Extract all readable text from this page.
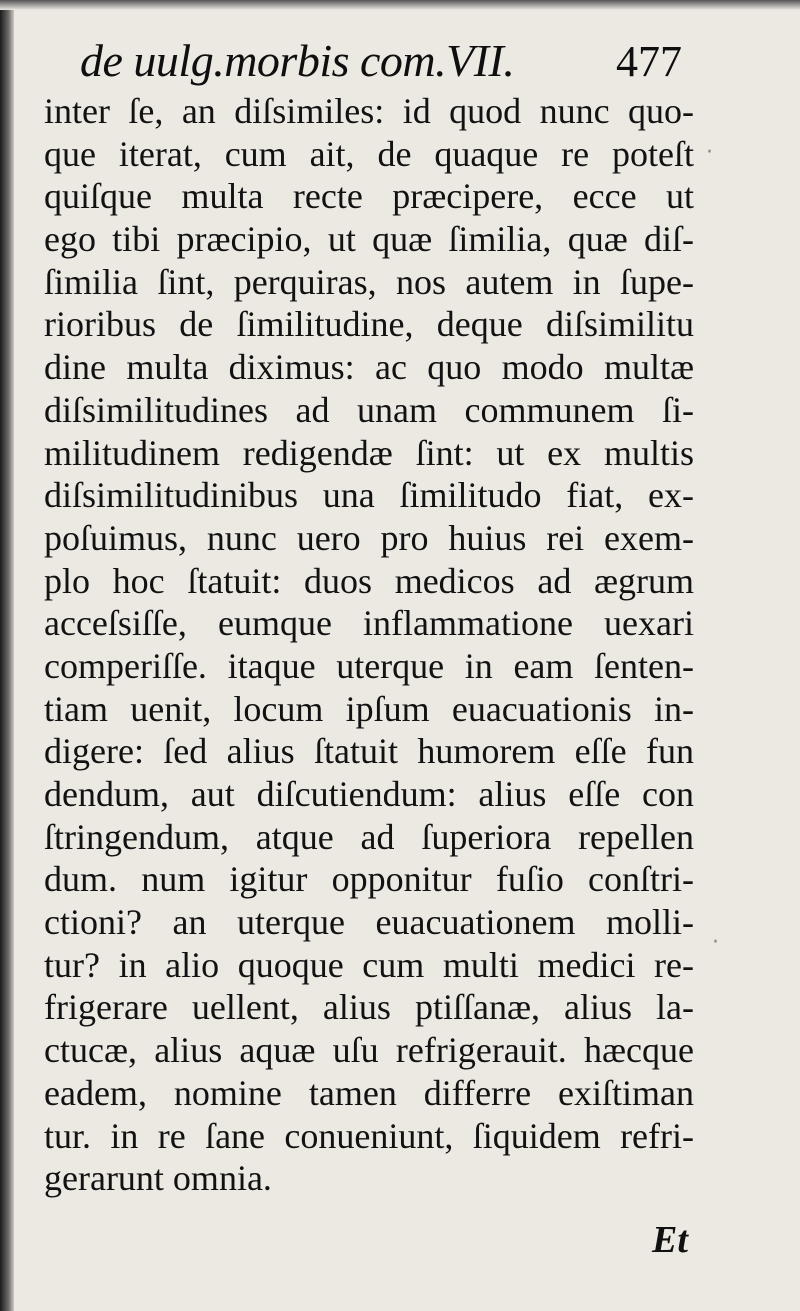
de uulg.morbis com.VII. 477
inter ſe, an diſsimiles: id quod nunc quo-
que iterat, cum ait, de quaque re poteſt
quiſque multa recte præcipere, ecce ut
ego tibi præcipio, ut quæ ſimilia, quæ diſ-
ſimilia ſint, perquiras, nos autem in ſupe-
rioribus de ſimilitudine, deque diſsimilitu
dine multa diximus: ac quo modo multæ
diſsimilitudines ad unam communem ſi-
militudinem redigendæ ſint: ut ex multis
diſsimilitudinibus una ſimilitudo fiat, ex-
poſuimus, nunc uero pro huius rei exem-
plo hoc ſtatuit: duos medicos ad ægrum
acceſsiſſe, eumque inflammatione uexari
comperiſſe. itaque uterque in eam ſenten-
tiam uenit, locum ipſum euacuationis in-
digere: ſed alius ſtatuit humorem eſſe fun
dendum, aut diſcutiendum: alius eſſe con
ſtringendum, atque ad ſuperiora repellen
dum. num igitur opponitur fuſio conſtri-
ctioni? an uterque euacuationem molli-
tur? in alio quoque cum multi medici re-
frigerare uellent, alius ptiſſanæ, alius la-
ctucæ, alius aquæ uſu refrigerauit. hæcque
eadem, nomine tamen differre exiſtiman
tur. in re ſane conueniunt, ſiquidem refri-
gerarunt omnia.
Et
·
·
